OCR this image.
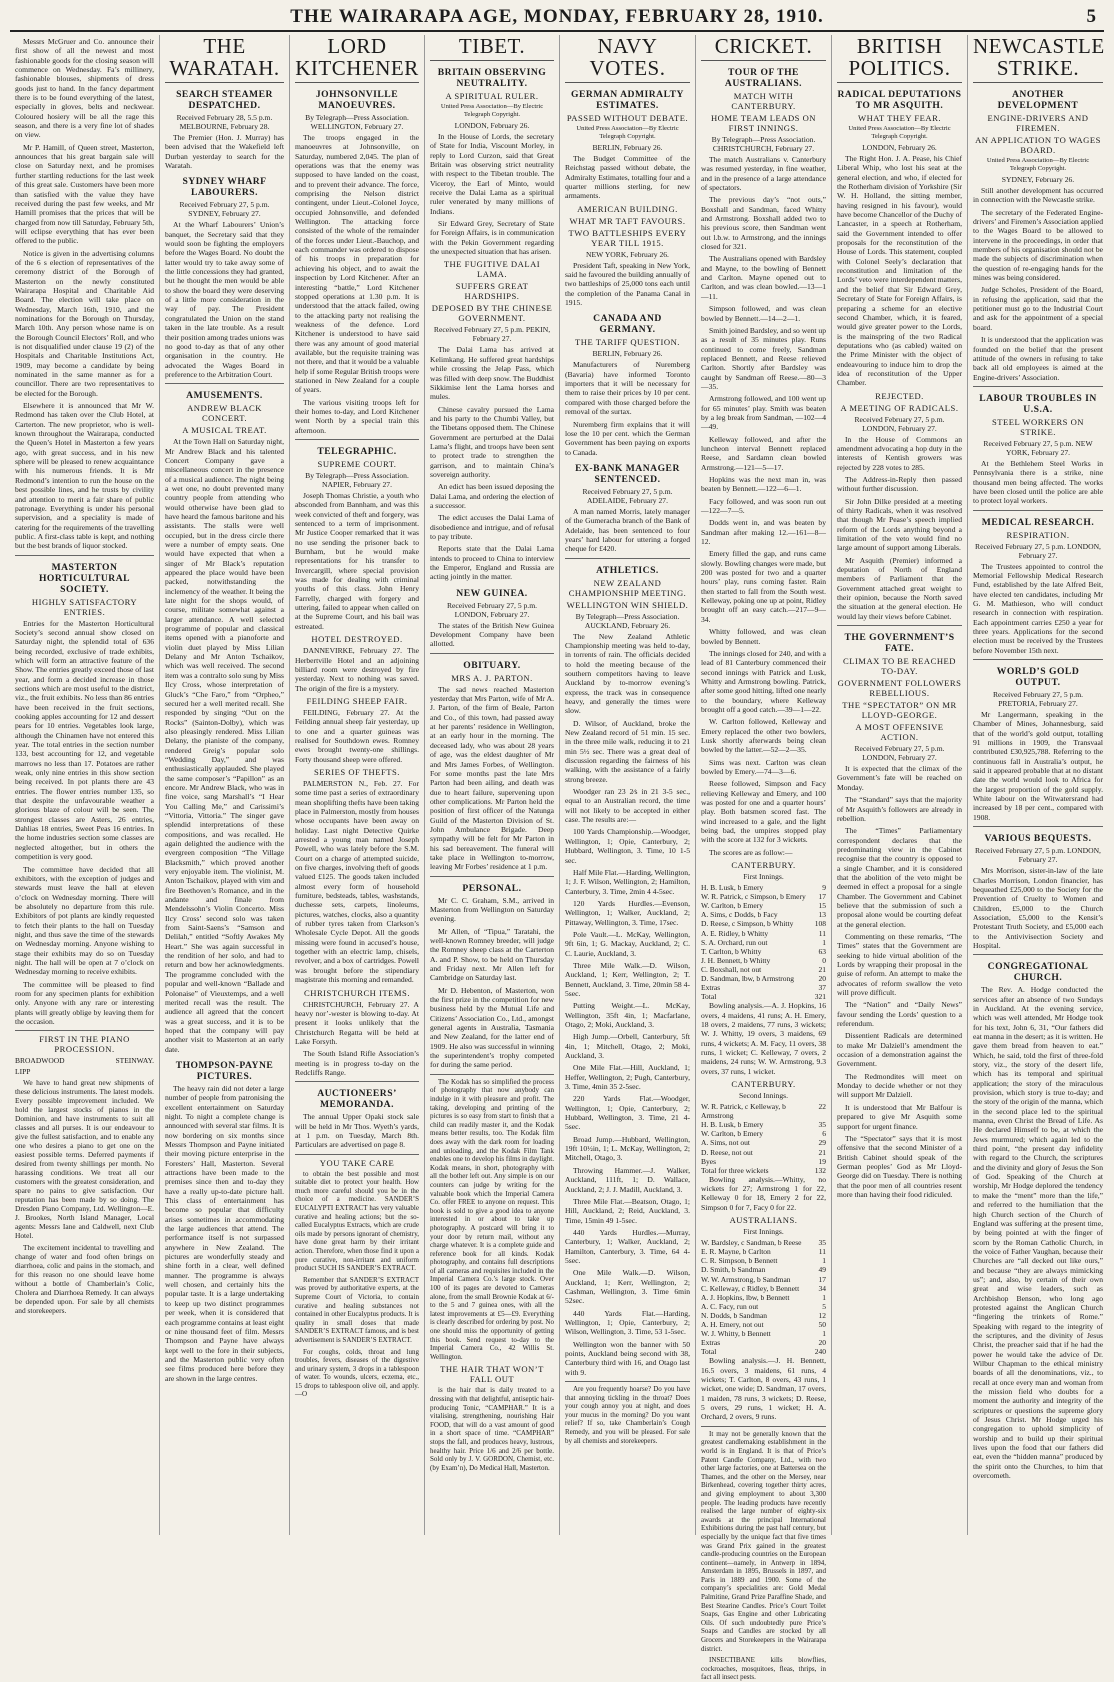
THE WAIRARAPA AGE, MONDAY, FEBRUARY 28, 1910.	5

Messrs McGruer and Co. announce their first show of all the newest and most fashionable goods for the closing season will commence on Wednesday. Fa’s millinery, fashionable blouses, shipments of dress goods just to hand. In the fancy department there is to be found everything of the latest, especially in gloves, belts and neckwear. Coloured hosiery will be all the rage this season, and there is a very fine lot of shades on view.

Mr P. Hamill, of Queen street, Masterton, announces that his great bargain sale will close on Saturday next, and he promises further startling reductions for the last week of this great sale. Customers have been more than satisfied with the value they have received during the past few weeks, and Mr Hamill promises that the prices that will be charged from now till Saturday, February 5th, will eclipse everything that has ever been offered to the public.

Notice is given in the advertising columns of the 6 s election of representatives of the ceremony district of the Borough of Masterton on the newly constituted Wairarapa Hospital and Charitable Aid Board. The election will take place on Wednesday, March 16th, 1910, and the nominations for the Borough on Thursday, March 10th. Any person whose name is on the Borough Council Electors’ Roll, and who is not disqualified under clause 19 (2) of the Hospitals and Charitable Institutions Act, 1909, may become a candidate by being nominated in the same manner as for a councillor. There are two representatives to be elected for the Borough.

Elsewhere it is announced that Mr W. Redmond has taken over the Club Hotel, at Carterton. The new proprietor, who is well-known throughout the Wairarapa, conducted the Queen’s Hotel in Masterton a few years ago, with great success, and in his new sphere will be pleased to renew acquaintance with his numerous friends. It is Mr Redmond’s intention to run the house on the best possible lines, and he trusts by civility and attention to merit a fair share of public patronage. Everything is under his personal supervision, and a speciality is made of catering for the requirements of the travelling public. A first-class table is kept, and nothing but the best brands of liquor stocked.

MASTERTON HORTICULTURAL SOCIETY.
HIGHLY SATISFACTORY ENTRIES.

Entries for the Masterton Horticultural Society’s second annual show closed on Saturday night, the splendid total of 636 being recorded, exclusive of trade exhibits, which will form an attractive feature of the Show. The entries greatly exceed those of last year, and form a decided increase in those sections which are most useful to the district, viz., the fruit exhibits. No less than 86 entries have been received in the fruit sections, cooking apples accounting for 12 and dessert pears for 10 entries. Vegetables look large, although the Chinamen have not entered this year. The total entries in the section number 133, best accounting for 12, and vegetable marrows no less than 17. Potatoes are rather weak, only nine entries in this show section being received. In pot plants there are 43 entries. The flower entries number 135, so that despite the unfavourable weather a glorious blaze of colour will be seen. The strongest classes are Asters, 26 entries, Dahlias 18 entries, Sweet Peas 16 entries. In the home industries section some classes are neglected altogether, but in others the competition is very good.

The committee have decided that all exhibitors, with the exception of judges and stewards must leave the hall at eleven o’clock on Wednesday morning. There will be absolutely no departure from this rule. Exhibitors of pot plants are kindly requested to fetch their plants to the hall on Tuesday night, and thus save the time of the stewards on Wednesday morning. Anyone wishing to stage their exhibits may do so on Tuesday night. The hall will be open at 7 o’clock on Wednesday morning to receive exhibits.

The committee will be pleased to find room for any specimen plants for exhibition only. Anyone with any rare or interesting plants will greatly oblige by leaving them for the occasion.

FIRST IN THE PIANO PROCESSION.
BROADWOOD	STEINWAY.
LIPP

We have to hand great new shipments of these delicious instruments. The latest models. Every possible improvement included. We hold the largest stocks of pianos in the Dominion, and have instruments to suit all classes and all purses. It is our endeavour to give the fullest satisfaction, and to enable any one who desires a piano to get one on the easiest possible terms. Deferred payments if desired from twenty shillings per month. No harassing conditions. We treat all our customers with the greatest consideration, and spare no pains to give satisfaction. Our reputation has been made by so doing. The Dresden Piano Company, Ltd. Wellington—E. J. Brookes, North Island Manager, Local agents: Messrs Iane and Caldwell, next Club Hotel.

The excitement incidental to travelling and change of water and food often brings on diarrhoea, colic and pains in the stomach, and for this reason no one should leave home without a bottle of Chamberlain’s Colic, Cholera and Diarrhoea Remedy. It can always be depended upon. For sale by all chemists and storekeepers.

THE WARATAH.
SEARCH STEAMER DESPATCHED.
Received February 28, 5.5 p.m. MELBOURNE, February 28.

The Premier (Hon. J. Murray) has been advised that the Wakefield left Durban yesterday to search for the Waratah.

SYDNEY WHARF LABOURERS.
Received February 27, 5 p.m. SYDNEY, February 27.

At the Wharf Labourers’ Union’s banquet, the Secretary said that they would soon be fighting the employers before the Wages Board. No doubt the latter would try to take away some of the little concessions they had granted, but he thought the men would be able to show the board they were deserving of a little more consideration in the way of pay. The President congratulated the Union on the stand taken in the late trouble. As a result their position among trades unions was no good to-day as that of any other organisation in the country. He advocated the Wages Board in preference to the Arbitration Court.

AMUSEMENTS.
ANDREW BLACK CONCERT.
A MUSICAL TREAT.

At the Town Hall on Saturday night, Mr Andrew Black and his talented Concert Company gave a miscellaneous concert in the presence of a musical audience. The night being a wet one, no doubt prevented many country people from attending who would otherwise have been glad to have heard the famous baritone and his assistants. The stalls were well occupied, but in the dress circle there were a number of empty seats. One would have expected that when a singer of Mr Black’s reputation appeared the place would have been packed, notwithstanding the inclemency of the weather. It being the late night for the shops would, of course, militate somewhat against a larger attendance. A well selected programme of popular and classical items opened with a pianoforte and violin duet played by Miss Lilian Delany and Mr Anton Tschaikov, which was well received. The second item was a contralto solo sung by Miss Ilcy Cross, whose interpretation of Gluck’s “Che Faro,” from “Orpheo,” secured her a well merited recall. She responded by singing “Out on the Rocks” (Sainton-Dolby), which was also pleasingly rendered. Miss Lilian Delany, the pianiste of the company, rendered Greig’s popular solo “Wedding Day,” and was enthusiastically applauded. She played the same composer’s “Papillon” as an encore. Mr Andrew Black, who was in fine voice, sang Marshall’s “I Hear You Calling Me,” and Carissimi’s “Vittoria, Vittoria.” The singer gave splendid interpretations of these compositions, and was recalled. He again delighted the audience with the evergreen composition “The Village Blacksmith,” which proved another very enjoyable item. The violinist, M. Anton Tschaikov, played with vim and fire Beethoven’s Romance, and in the andante and finale from Mendelssohn’s Violin Concerto. Miss Ilcy Cross’ second solo was taken from Saint-Saens’s “Samson and Delilah,” entitled “Softly Awakes My Heart.” She was again successful in the rendition of her solo, and had to return and bow her acknowledgments. The programme concluded with the popular and well-known “Ballade and Polonaise” of Vieuxtemps, and a well merited recall was the result. The audience all agreed that the concert was a great success, and it is to be hoped that the company will pay another visit to Masterton at an early date.

THOMPSON-PAYNE PICTURES.

The heavy rain did not deter a large number of people from patronising the excellent entertainment on Saturday night. To night a complete change is announced with several star films. It is now bordering on six months since Messrs Thompson and Payne initiated their moving picture enterprise in the Foresters’ Hall, Masterton. Several attractions have been made to the premises since then and to-day they have a really up-to-date picture hall. This class of entertainment has become so popular that difficulty arises sometimes in accommodating the large audiences that attend. The performance itself is not surpassed anywhere in New Zealand. The pictures are wonderfully steady and shine forth in a clear, well defined manner. The programme is always well chosen, and certainly hits the popular taste. It is a large undertaking to keep up two distinct programmes per week, when it is considered that each programme contains at least eight or nine thousand feet of film. Messrs Thompson and Payne have always kept well to the fore in their subjects, and the Masterton public very often see films produced here before they are shown in the large centres.

LORD KITCHENER
JOHNSONVILLE MANOEUVRES.
By Telegraph—Press Association. WELLINGTON, February 27.

The troops engaged in the manoeuvres at Johnsonville, on Saturday, numbered 2,045. The plan of operations was that the enemy was supposed to have landed on the coast, and to prevent their advance. The force, comprising the Nelson district contingent, under Lieut.-Colonel Joyce, occupied Johnsonville, and defended Wellington. The attacking force consisted of the whole of the remainder of the forces under Lieut.-Bauchop, and each commander was ordered to dispose of his troops in preparation for achieving his object, and to await the inspection by Lord Kitchener. After an interesting “battle,” Lord Kitchener stopped operations at 1.30 p.m. It is understood that the attack failed, owing to the attacking party not realising the weakness of the defence. Lord Kitchener is understood to have said there was any amount of good material available, but the requisite training was not there, and that it would be a valuable help if some Regular British troops were stationed in New Zealand for a couple of years.

The various visiting troops left for their homes to-day, and Lord Kitchener went North by a special train this afternoon.

TELEGRAPHIC.
SUPREME COURT.
By Telegraph—Press Association. NAPIER, February 27.

Joseph Thomas Christie, a youth who absconded from Bannham, and was this week convicted of theft and forgery, was sentenced to a term of imprisonment. Mr Justice Cooper remarked that it was no use sending the prisoner back to Burnham, but he would make representations for his transfer to Invercargill, where special provision was made for dealing with criminal youths of this class. John Henry Farrelly, charged with forgery and uttering, failed to appear when called on at the Supreme Court, and his bail was estreated.

HOTEL DESTROYED.

DANNEVIRKE, February 27. The Herbertville Hotel and an adjoining billiard room were destroyed by fire yesterday. Next to nothing was saved. The origin of the fire is a mystery.

FEILDING SHEEP FAIR.

FEILDING, February 27. At the Feilding annual sheep fair yesterday, up to one and a quarter guineas was realised for Southdown ewes. Romney ewes brought twenty-one shillings. Forty thousand sheep were offered.

SERIES OF THEFTS.

PALMERSTON N., Feb. 27. For some time past a series of extraordinary mean shoplifting thefts have been taking place in Palmerston, mostly from houses whose occupants have been away on holiday. Last night Detective Quirke arrested a young man named Joseph Powell, who was lately before the S.M. Court on a charge of attempted suicide, on five charges, involving theft of goods valued £125. The goods taken included almost every form of household furniture, bedsteads, tables, washstands, duchesse sets, carpets, linoleums, pictures, watches, clocks, also a quantity of rubber tyres taken from Clarkson’s Wholesale Cycle Depot. All the goods missing were found in accused’s house, together with an electric lamp, chisels, revolver, and a box of cartridges. Powell was brought before the stipendiary magistrate this morning and remanded.

CHRISTCHURCH ITEMS.

CHRISTCHURCH, February 27. A heavy nor’-wester is blowing to-day. At present it looks unlikely that the Christchurch Regatta will be held at Lake Forsyth.

The South Island Rifle Association’s meeting is in progress to-day on the Redcliffs Range.

AUCTIONEERS’ MEMORANDA.

The annual Upper Opaki stock sale will be held in Mr Thos. Wyeth’s yards, at 1 p.m. on Tuesday, March 8th. Particulars are advertised on page 8.

YOU TAKE CARE

to obtain the best possible and most suitable diet to protect your health. How much more careful should you be in the choice of a medicine. SANDER’S EUCALYPTI EXTRACT has very valuable curative and healing actions; but the so-called Eucalyptus Extracts, which are crude oils made by persons ignorant of chemistry, have done great harm by their irritant action. Therefore, when those find it upon a pure curative, non-irritant and uniform product SUCH IS SANDER’S EXTRACT.

Remember that SANDER’S EXTRACT was proved by authoritative experts, at the Supreme Court of Victoria, to contain curative and healing substances not contained in other Eucalyptus products. It is quality in small doses that made SANDER’S EXTRACT famous, and is best advertisement is SANDER’S EXTRACT.

For coughs, colds, throat and lung troubles, fevers, diseases of the digestive and urinary system, 3 drops in a tablespoon of water. To wounds, ulcers, eczema, etc., 15 drops to tablespoon olive oil, and apply.—O

TIBET.
BRITAIN OBSERVING NEUTRALITY.
A SPIRITUAL RULER.
United Press Association—By Electric Telegraph Copyright.
LONDON, February 26.

In the House of Lords, the secretary of State for India, Viscount Morley, in reply to Lord Curzon, said that Great Britain was observing strict neutrality with respect to the Tibetan trouble. The Viceroy, the Earl of Minto, would receive the Dalai Lama as a spiritual ruler venerated by many millions of Indians.

Sir Edward Grey, Secretary of State for Foreign Affairs, is in communication with the Pekin Government regarding the unexpected situation that has arisen.

THE FUGITIVE DALAI LAMA.
SUFFERS GREAT HARDSHIPS.
DEPOSED BY THE CHINESE GOVERNMENT.
Received February 27, 5 p.m. PEKIN, February 27.

The Dalai Lama has arrived at Kelimkang. He suffered great hardships while crossing the Jelap Pass, which was filled with deep snow. The Buddhist Sikkimise lent the Lama horses and mules.

Chinese cavalry pursued the Lama and his party to the Chumbi Valley, but the Tibetans opposed them. The Chinese Government are perturbed at the Dalai Lama’s flight, and troops have been sent to protect trade to strengthen the garrison, and to maintain China’s sovereign authority.

An edict has been issued deposing the Dalai Lama, and ordering the election of a successor.

The edict accuses the Dalai Lama of disobedience and intrigue, and of refusal to pay tribute.

Reports state that the Dalai Lama intends to proceed to China to interview the Emperor, England and Russia are acting jointly in the matter.

NEW GUINEA.
Received February 27, 5 p.m. LONDON, February 27.

The states of the British New Guinea Development Company have been allotted.

OBITUARY.
MRS A. J. PARTON.

The sad news reached Masterton yesterday that Mrs Parton, wife of Mr A. J. Parton, of the firm of Beale, Parton and Co., of this town, had passed away at her parents’ residence in Wellington, at an early hour in the morning. The deceased lady, who was about 28 years of age, was the eldest daughter of Mr and Mrs James Forbes, of Wellington. For some months past the late Mrs Parton had been ailing, and death was due to heart failure, supervening upon other complications. Mr Parton held the position of first officer of the Natunga Guild of the Masterton Division of St. John Ambulance Brigade. Deep sympathy will be felt for Mr Parton in his sad bereavement. The funeral will take place in Wellington to-morrow, leaving Mr Forbes’ residence at 1 p.m.

PERSONAL.

Mr C. C. Graham, S.M., arrived in Masterton from Wellington on Saturday evening.

Mr Allen, of “Tipua,” Taratahi, the well-known Romney breeder, will judge the Romney sheep class at the Carterton A. and P. Show, to be held on Thursday and Friday next. Mr Allen left for Cambridge on Saturday last.

Mr D. Hebenton, of Masterton, won the first prize in the competition for new business held by the Mutual Life and Citizens’ Association Co., Ltd., amongst general agents in Australia, Tasmania and New Zealand, for the latter end of 1909. He also was successful in winning the superintendent’s trophy competed for during the same period.

The Kodak has so simplified the process of photography that now anybody can indulge in it with pleasure and profit. The taking, developing and printing of the pictures is so easy from start to finish that a child can readily master it, and the Kodak means better results, too. The Kodak film does away with the dark room for loading and unloading, and the Kodak Film Tank enables one to develop his films in daylight. Kodak means, in short, photography with all the bother left out. Any simple is on our counters can judge by writing for the valuable book which the Imperial Camera Co. offer FREE to anyone on request. This book is sold to give a good idea to anyone interested in or about to take up photography. A postcard will bring it to your door by return mail, without any charge whatever. It is a complete guide and reference book for all kinds. Kodak photography, and contains full descriptions of all cameras and requisites included in the Imperial Camera Co.’s large stock. Over 100 of its pages are devoted to Cameras alone, from the small Brownie Kodak at 6/- to the 5 and 7 guinea ones, with all the latest improvements at £5—£9. Everything is clearly described for ordering by post. No one should miss the opportunity of getting this book. Send request to-day to the Imperial Camera Co., 42 Willis St. Wellington.

THE HAIR THAT WON’T FALL OUT

is the hair that is daily treated to a dressing with that delightful, antiseptic hair-producing Tonic, “CAMPHAR.” It is a vitalising, strengthening, nourishing Hair FOOD, that will do a vast amount of good in a short space of time. “CAMPHAR” stops the fall, and produces heavy, lustrous, healthy hair. Price 1/6 and 2/6 per bottle. Sold only by J. V. GORDON, Chemist, etc. (by Exam’n), Do Medical Hall, Masterton.

NAVY VOTES.
GERMAN ADMIRALTY ESTIMATES.
PASSED WITHOUT DEBATE.
United Press Association—By Electric Telegraph Copyright.
BERLIN, February 26.

The Budget Committee of the Reichstag passed without debate, the Admiralty Estimates, totalling four and a quarter millions sterling, for new armaments.

AMERICAN BUILDING.
WHAT MR TAFT FAVOURS.
TWO BATTLESHIPS EVERY YEAR TILL 1915.
NEW YORK, February 26.

President Taft, speaking in New York, said he favoured the building annually of two battleships of 25,000 tons each until the completion of the Panama Canal in 1915.

CANADA AND GERMANY.
THE TARIFF QUESTION.
BERLIN, February 26.

Manufacturers of Nuremberg (Bavaria) have informed Toronto importers that it will be necessary for them to raise their prices by 10 per cent. compared with those charged before the removal of the surtax.

Nuremberg firm explains that it will lose the 10 per cent. which the German Government has been paying on exports to Canada.

EX-BANK MANAGER SENTENCED.
Received February 27, 5 p.m. ADELAIDE, February 27.

A man named Morris, lately manager of the Gumeracha branch of the Bank of Adelaide, has been sentenced to four years’ hard labour for uttering a forged cheque for £420.

ATHLETICS.
NEW ZEALAND CHAMPIONSHIP MEETING.
WELLINGTON WIN SHIELD.
By Telegraph—Press Association. AUCKLAND, February 26.

The New Zealand Athletic Championship meeting was held to-day, in torrents of rain. The officials decided to hold the meeting because of the southern competitors having to leave Auckland by to-morrow evening’s express, the track was in consequence heavy, and generally the times were slow.

D. Wilsor, of Auckland, broke the New Zealand record of 51 min. 15 sec. in the three mile walk, reducing it to 21 min 5½ sec. There was a great deal of discussion regarding the fairness of his walking, with the assistance of a fairly strong breeze.

Woodger ran 23 2⁄s in 21 3-5 sec., equal to an Australian record, the time will not likely to be accepted in either case. The results are:—

100 Yards Championship.—Woodger, Wellington, 1; Opie, Canterbury, 2; Hubbard, Wellington, 3. Time, 10 1-5 sec.

Half Mile Flat.—Harding, Wellington, 1; J. F. Wilson, Wellington, 2; Hamilton, Canterbury, 3. Time, 2min 4 4-5sec.

120 Yards Hurdles.—Evenson, Wellington, 1; Walker, Auckland, 2; Pittaway, Wellington, 3. Time, 17sec.

Pole Vault.—L. McKay, Wellington, 9ft 6in, 1; G. Mackay, Auckland, 2; C. C. Laurie, Auckland, 3.

Three Mile Walk.—D. Wilson, Auckland, 1; Kerr, Wellington, 2; T. Bennett, Auckland, 3. Time, 20min 58 4-5sec.

Putting Weight.—L. McKay, Wellington, 35ft 4in, 1; Macfarlane, Otago, 2; Moki, Auckland, 3.

High Jump.—Orbell, Canterbury, 5ft 4in, 1; Mitchell, Otago, 2; Moki, Auckland, 3.

One Mile Flat.—Hill, Auckland, 1; Heffer, Wellington, 2; Pugh, Canterbury, 3. Time, 4min 35 2-5sec.

220 Yards Flat.—Woodger, Wellington, 1; Opie, Canterbury, 2; Hubbard, Wellington, 3. Time, 21 4-5sec.

Broad Jump.—Hubbard, Wellington, 19ft 10½in, 1; L. McKay, Wellington, 2; Mitchell, Otago, 3.

Throwing Hammer.—J. Walker, Auckland, 111ft, 1; D. Wallace, Auckland, 2; J. J. Madill, Auckland, 3.

Three Mile Flat.—Beatson, Otago, 1; Hill, Auckland, 2; Reid, Auckland, 3. Time, 15min 49 1-5sec.

440 Yards Hurdles.—Murray, Canterbury, 1; Walker, Auckland, 2; Hamilton, Canterbury, 3. Time, 64 4-5sec.

One Mile Walk.—D. Wilson, Auckland, 1; Kerr, Wellington, 2; Cashman, Wellington, 3. Time 6min 52sec.

440 Yards Flat.—Harding, Wellington, 1; Opie, Canterbury, 2; Wilson, Wellington, 3. Time, 53 1-5sec.

Wellington won the banner with 50 points, Auckland being second with 38, Canterbury third with 16, and Otago last with 9.

Are you frequently hoarse? Do you have that annoying tickling in the throat? Does your cough annoy you at night, and does your mucus in the morning? Do you want relief? If so, take Chamberlain’s Cough Remedy, and you will be pleased. For sale by all chemists and storekeepers.

CRICKET.
TOUR OF THE AUSTRALIANS.
MATCH WITH CANTERBURY.
HOME TEAM LEADS ON FIRST INNINGS.
By Telegraph—Press Association. CHRISTCHURCH, February 27.

The match Australians v. Canterbury was resumed yesterday, in fine weather, and in the presence of a large attendance of spectators.

The previous day’s “not outs,” Boxshall and Sandman, faced Whitty and Armstrong. Boxshall added two to his previous score, then Sandman went out l.b.w. to Armstrong, and the innings closed for 321.

The Australians opened with Bardsley and Mayne, to the bowling of Bennett and Carlton. Mayne opened out to Carlton, and was clean bowled.—13—1—11.

Simpson followed, and was clean bowled by Bennett.—14—2—1.

Smith joined Bardsley, and so went up as a result of 35 minutes play. Runs continued to come freely, Sandman replaced Bennett, and Reese relieved Carlton. Shortly after Bardsley was caught by Sandman off Reese.—80—3—35.

Armstrong followed, and 100 went up for 65 minutes’ play. Smith was beaten by a leg break from Sandman, —102—4—49.

Kelleway followed, and after the luncheon interval Bennett replaced Reese, and Sardamn clean bowled Armstrong.—121—5—17.

Hopkins was the next man in, was beaten by Bennett.—122—6—1.

Facy followed, and was soon run out—122—7—5.

Dodds went in, and was beaten by Sandman after making 12.—161—8—12.

Emery filled the gap, and runs came slowly. Bowling changes were made, but 200 was posted for two and a quarter hours’ play, runs coming faster. Rain then started to fall from the South west. Kelleway, poking one up at point, Ridley brought off an easy catch.—217—9—34.

Whitty followed, and was clean bowled by Bennett.

The innings closed for 240, and with a lead of 81 Canterbury commenced their second innings with Patrick and Lusk, Whitty and Armstrong bowling. Patrick, after some good hitting, lifted one nearly to the boundary, where Kelleway brought off a good catch.—39—1—22.

W. Carlton followed, Kelleway and Emery replaced the other two bowlers, Lusk shortly afterwards being clean bowled by the latter.—52—2—35.

Sims was next. Carlton was clean bowled by Emery.—74—3—6.

Reese followed, Simpson and Facy relieving Kelleway and Emery, and 100 was posted for one and a quarter hours’ play. Both batsmen scored fast. The wind increased to a gale, and the light being bad, the umpires stopped play with the score at 132 for 3 wickets.

The scores are as follow:—

CANTERBURY.
First Innings.
H. B. Lusk, b Emery	9
W. R. Patrick, c Simpson, b Emery 17
W. Carlton, b Emery	15
A. Sims, c Dodds, b Facy	13
D. Reese, c Simpson, b Whitty	108
A. E. Ridley, b Whitty	11
S. A. Orchard, run out	1
T. Carlton, b Whitty	63
J. H. Bennett, b Whitty	0
C. Boxshall, not out	21
D. Sandman, lbw, b Armstrong	20
Extras	37
Total	321

Bowling analysis.—A. J. Hopkins, 16 overs, 4 maidens, 41 runs; A. H. Emery, 18 overs, 2 maidens, 77 runs, 3 wickets; W. J. Whitty, 19 overs, 3 maidens, 69 runs, 4 wickets; A. M. Facy, 11 overs, 38 runs, 1 wicket; C. Kelleway, 7 overs, 2 maidens, 24 runs; W. W. Armstrong, 9.3 overs, 37 runs, 1 wicket.

CANTERBURY.
Second Innings.
W. R. Patrick, c Kelleway, b Armstrong
22
H. B. Lusk, b Emery	35
W. Carlton, b Emery	6
A. Sims, not out	29
D. Reese, not out	21
Byes	19
Total for three wickets	132

Bowling analysis.—Whitty, no wickets for 27; Armstrong 1 for 22, Kelleway 0 for 18, Emery 2 for 22, Simpson 0 for 7, Facy 0 for 22.

AUSTRALIANS.
First Innings.
W. Bardsley, c Sandman, b Reese 35
E. R. Mayne, b Carlton	11
C. R. Simpson, b Bennett	1
D. Smith, b Sandman	49
W. W. Armstrong, b Sandman	17
C. Kelleway, c Ridley, b Bennett	34
A. J. Hopkins, lbw, b Bennett	1
A. C. Facy, run out	5
N. Dodds, b Sandman	12
A. H. Emery, not out	50
W. J. Whitty, b Bennett	1
Extras	20
Total	240

Bowling analysis.—J. H. Bennett, 16.5 overs, 3 maidens, 61 runs, 4 wickets; T. Carlton, 8 overs, 43 runs, 1 wicket, one wide; D. Sandman, 17 overs, 1 maiden, 78 runs, 3 wickets; D. Reese, 5 overs, 29 runs, 1 wicket; H. A. Orchard, 2 overs, 9 runs.

It may not be generally known that the greatest candlemaking establishment in the world is in England. It is that of Price’s Patent Candle Company, Ltd., with two other large factories, one at Battersea on the Thames, and the other on the Mersey, near Birkenhead, covering together thirty acres, and giving employment to about 3,300 people. The leading products have recently realised the large number of eighty-six awards at the principal International Exhibitions during the past half century, but especially by the unique fact that five times was Grand Prix gained in the greatest candle-producing countries on the European continent—namely, in Antwerp in 1894, Amsterdam in 1895, Brussels in 1897, and Paris in 1889 and 1900. Some of the company’s specialities are: Gold Medal Palmitine, Grand Prize Paraffine Shade, and Best Stearine Candles. Price’s Court Toilet Soaps, Gas Engine and other Lubricating Oils. Of such undoubtedly pure Price’s Soaps and Candles are stocked by all Grocers and Storekeepers in the Wairarapa district.

INSECTIBANE kills blowflies, cockroaches, mosquitoes, fleas, thrips, in fact all insect pests.

BRITISH POLITICS.
RADICAL DEPUTATIONS TO MR ASQUITH.
WHAT THEY FEAR.
United Press Association—By Electric Telegraph Copyright.
LONDON, February 26.

The Right Hon. J. A. Pease, his Chief Liberal Whip, who lost his seat at the general election, and who, if elected for the Rotherham division of Yorkshire (Sir W. H. Holland, the sitting member, having resigned in his favour), would have become Chancellor of the Duchy of Lancaster, in a speech at Rotherham, said the Government intended to offer proposals for the reconstitution of the House of Lords. This statement, coupled with Colonel Seely’s declaration that reconstitution and limitation of the Lords’ veto were interdependent matters, and the belief that Sir Edward Grey, Secretary of State for Foreign Affairs, is preparing a scheme for an elective second Chamber, which, it is feared, would give greater power to the Lords, is the mainspring of the two Radical deputations who (as cabled) waited on the Prime Minister with the object of endeavouring to induce him to drop the idea of reconstitution of the Upper Chamber.

REJECTED.
A MEETING OF RADICALS.
Received February 27, 5 p.m. LONDON, February 27.

In the House of Commons an amendment advocating a hop duty in the interests of Kentish growers was rejected by 228 votes to 285.

The Address-in-Reply then passed without further discussion.

Sir John Dilke presided at a meeting of thirty Radicals, when it was resolved that though Mr Pease’s speech implied reform of the Lords anything beyond a limitation of the veto would find no large amount of support among Liberals.

Mr Asquith (Premier) informed a deputation of North of England members of Parliament that the Government attached great weight to their opinion, because the North saved the situation at the general election. He would lay their views before Cabinet.

THE GOVERNMENT’S FATE.
CLIMAX TO BE REACHED TO-DAY.
GOVERNMENT FOLLOWERS REBELLIOUS.
THE “SPECTATOR” ON MR LLOYD-GEORGE.
A MOST OFFENSIVE ACTION.
Received February 27, 5 p.m. LONDON, February 27.

It is expected that the climax of the Government’s fate will be reached on Monday.

The “Standard” says that the majority of Mr Asquith’s followers are already in rebellion.

The “Times” Parliamentary correspondent declares that the predominating view in the Cabinet recognise that the country is opposed to a single Chamber, and it is considered that the abolition of the veto might be deemed in effect a proposal for a single Chamber. The Government and Cabinet believe that the submission of such a proposal alone would be courting defeat at the general election.

Commenting on these remarks, “The Times” states that the Government are seeking to hide virtual abolition of the Lords by wrapping their proposal in the guise of reform. An attempt to make the advocates of reform swallow the veto will prove difficult.

The “Nation” and “Daily News” favour sending the Lords’ question to a referendum.

Dissentient Radicals are determined to make Mr Dalziell’s amendment the occasion of a demonstration against the Government.

The Redmondites will meet on Monday to decide whether or not they will support Mr Dalziell.

It is understood that Mr Balfour is prepared to give Mr Asquith some support for urgent finance.

The “Spectator” says that it is most offensive that the second Minister of a British Cabinet should speak of the German peoples’ God as Mr Lloyd-George did on Tuesday. There is nothing that the poor men of all countries resent more than having their food ridiculed.

NEWCASTLE STRIKE.
ANOTHER DEVELOPMENT
ENGINE-DRIVERS AND FIREMEN.
AN APPLICATION TO WAGES BOARD.
United Press Association—By Electric Telegraph Copyright.
SYDNEY, February 26.

Still another development has occurred in connection with the Newcastle strike.

The secretary of the Federated Engine-drivers’ and Firemen’s Association applied to the Wages Board to be allowed to intervene in the proceedings, in order that members of his organisation should not be made the subjects of discrimination when the question of re-engaging hands for the mines was being considered.

Judge Scholes, President of the Board, in refusing the application, said that the petitioner must go to the Industrial Court and ask for the appointment of a special board.

It is understood that the application was founded on the belief that the present attitude of the owners in refusing to take back all old employees is aimed at the Engine-drivers’ Association.

LABOUR TROUBLES IN U.S.A.
STEEL WORKERS ON STRIKE.
Received February 27, 5 p.m. NEW YORK, February 27.

At the Bethlehem Steel Works in Pennsylvania there is a strike, nine thousand men being affected. The works have been closed until the police are able to protect loyal workers.

MEDICAL RESEARCH.
RESPIRATION.
Received February 27, 5 p.m. LONDON, February 27.

The Trustees appointed to control the Memorial Fellowship Medical Research Fund, established by the late Alfred Beit, have elected ten candidates, including Mr G. M. Mathieson, who will conduct research in connection with respiration. Each appointment carries £250 a year for three years. Applications for the second election must be received by the Trustees before November 15th next.

WORLD’S GOLD OUTPUT.
Received February 27, 5 p.m. PRETORIA, February 27.

Mr Langermann, speaking in the Chamber of Mines, Johannesburg, said that of the world’s gold output, totalling 91 millions in 1909, the Transvaal contributed £30,925,788. Referring to the continuous fall in Australia’s output, he said it appeared probable that at no distant date the world would look to Africa for the largest proportion of the gold supply. White labour on the Witwatersrand had increased by 18 per cent., compared with 1908.

VARIOUS BEQUESTS.
Received February 27, 5 p.m. LONDON, February 27.

Mrs Morrison, sister-in-law of the late Charles Morrison, London financier, has bequeathed £25,000 to the Society for the Prevention of Cruelty to Women and Children, £5,000 to the Church Association, £5,000 to the Kensit’s Protestant Truth Society, and £5,000 each to the Antivivisection Society and Hospital.

CONGREGATIONAL CHURCH.

The Rev. A. Hodge conducted the services after an absence of two Sundays in Auckland. At the evening service, which was well attended, Mr Hodge took for his text, John 6, 31, “Our fathers did eat manna in the desert; as it is written. He gave them bread from heaven to eat.” Which, he said, told the first of three-fold story, viz., the story of the desert life, which has its temporal and spiritual application; the story of the miraculous provision, which story is true to-day; and the story of the origin of the manna, which in the second place led to the spiritual manna, even Christ the Bread of Life. As He declared Himself to be, at which the Jews murmured; which again led to the third point, “the present day infidelity with regard to the Church, the scriptures and the divinity and glory of Jesus the Son of God. Speaking of the Church at worship, Mr Hodge deplored the tendency to make the “ment” more than the life,” and referred to the humiliation that the high Church section of the Church of England was suffering at the present time, by being pointed at with the finger of scorn by the Roman Catholic Church, in the voice of Father Vaughan, because their Churches are “all decked out like ours,” and because “they are always mimicking us”; and, also, by certain of their own great and wise leaders, such as Archbishop Benson, who long ago protested against the Anglican Church “fingering the trinkets of Rome.” Speaking with regard to the integrity of the scriptures, and the divinity of Jesus Christ, the preacher said that if he had the power he would take the advice of Dr. Wilbur Chapman to the ethical ministry boards of all the denominations, viz., to recall at once every man and woman from the mission field who doubts for a moment the authority and integrity of the scriptures or questions the supreme glory of Jesus Christ. Mr Hodge urged his congregation to uphold simplicity of worship and to build up their spiritual lives upon the food that our fathers did eat, even the “hidden manna” produced by the spirit onto the Churches, to him that overcometh.
